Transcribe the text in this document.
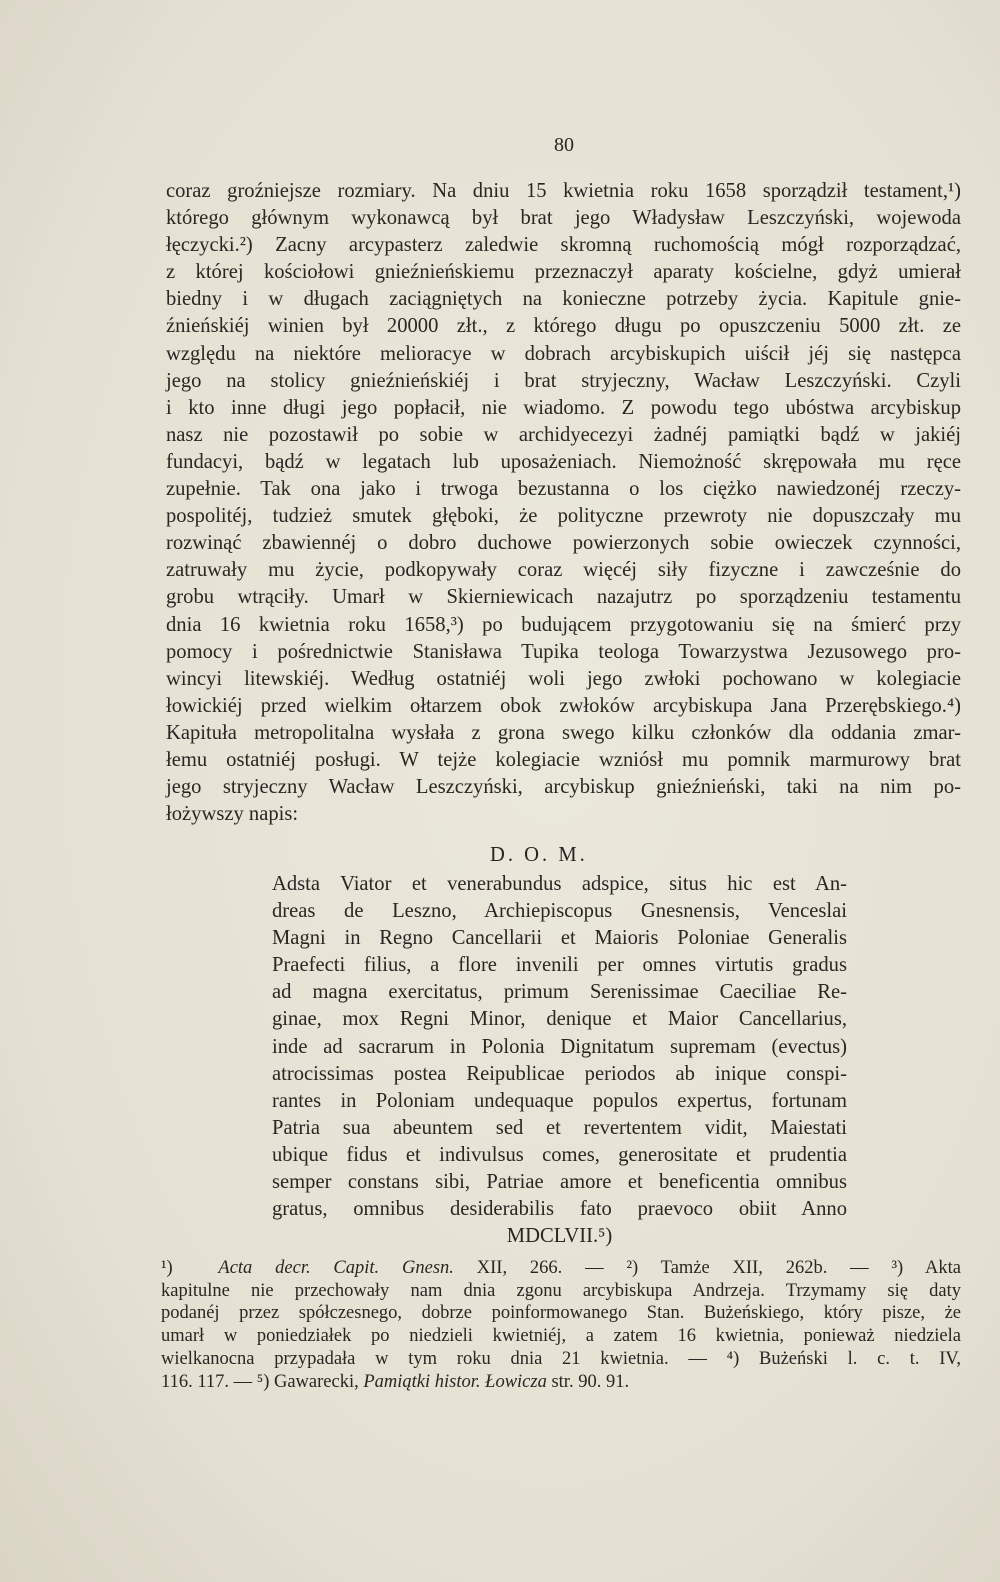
80
coraz groźniejsze rozmiary. Na dniu 15 kwietnia roku 1658 sporządził testament,¹)
którego głównym wykonawcą był brat jego Władysław Leszczyński, wojewoda
łęczycki.²) Zacny arcypasterz zaledwie skromną ruchomością mógł rozporządzać,
z której kościołowi gnieźnieńskiemu przeznaczył aparaty kościelne, gdyż umierał
biedny i w długach zaciągniętych na konieczne potrzeby życia. Kapitule gnie-
źnieńskiéj winien był 20000 złt., z którego długu po opuszczeniu 5000 złt. ze
względu na niektóre melioracye w dobrach arcybiskupich uiścił jéj się następca
jego na stolicy gnieźnieńskiéj i brat stryjeczny, Wacław Leszczyński. Czyli
i kto inne długi jego popłacił, nie wiadomo. Z powodu tego ubóstwa arcybiskup
nasz nie pozostawił po sobie w archidyecezyi żadnéj pamiątki bądź w jakiéj
fundacyi, bądź w legatach lub uposażeniach. Niemożność skrępowała mu ręce
zupełnie. Tak ona jako i trwoga bezustanna o los ciężko nawiedzonéj rzeczy-
pospolitéj, tudzież smutek głęboki, że polityczne przewroty nie dopuszczały mu
rozwinąć zbawiennéj o dobro duchowe powierzonych sobie owieczek czynności,
zatruwały mu życie, podkopywały coraz więcéj siły fizyczne i zawcześnie do
grobu wtrąciły. Umarł w Skierniewicach nazajutrz po sporządzeniu testamentu
dnia 16 kwietnia roku 1658,³) po budującem przygotowaniu się na śmierć przy
pomocy i pośrednictwie Stanisława Tupika teologa Towarzystwa Jezusowego pro-
wincyi litewskiéj. Według ostatniéj woli jego zwłoki pochowano w kolegiacie
łowickiéj przed wielkim ołtarzem obok zwłoków arcybiskupa Jana Przerębskiego.⁴)
Kapituła metropolitalna wysłała z grona swego kilku członków dla oddania zmar-
łemu ostatniéj posługi. W tejże kolegiacie wzniósł mu pomnik marmurowy brat
jego stryjeczny Wacław Leszczyński, arcybiskup gnieźnieński, taki na nim po-
łożywszy napis:
D. O. M.
Adsta Viator et venerabundus adspice, situs hic est An-
dreas de Leszno, Archiepiscopus Gnesnensis, Venceslai
Magni in Regno Cancellarii et Maioris Poloniae Generalis
Praefecti filius, a flore invenili per omnes virtutis gradus
ad magna exercitatus, primum Serenissimae Caeciliae Re-
ginae, mox Regni Minor, denique et Maior Cancellarius,
inde ad sacrarum in Polonia Dignitatum supremam (evectus)
atrocissimas postea Reipublicae periodos ab inique conspi-
rantes in Poloniam undequaque populos expertus, fortunam
Patria sua abeuntem sed et revertentem vidit, Maiestati
ubique fidus et indivulsus comes, generositate et prudentia
semper constans sibi, Patriae amore et beneficentia omnibus
gratus, omnibus desiderabilis fato praevoco obiit Anno
MDCLVII.⁵)
¹) Acta decr. Capit. Gnesn. XII, 266. — ²) Tamże XII, 262b. — ³) Akta
kapitulne nie przechowały nam dnia zgonu arcybiskupa Andrzeja. Trzymamy się daty
podanéj przez spółczesnego, dobrze poinformowanego Stan. Bużeńskiego, który pisze, że
umarł w poniedziałek po niedzieli kwietniéj, a zatem 16 kwietnia, ponieważ niedziela
wielkanocna przypadała w tym roku dnia 21 kwietnia. — ⁴) Bużeński l. c. t. IV,
116. 117. — ⁵) Gawarecki, Pamiątki histor. Łowicza str. 90. 91.
